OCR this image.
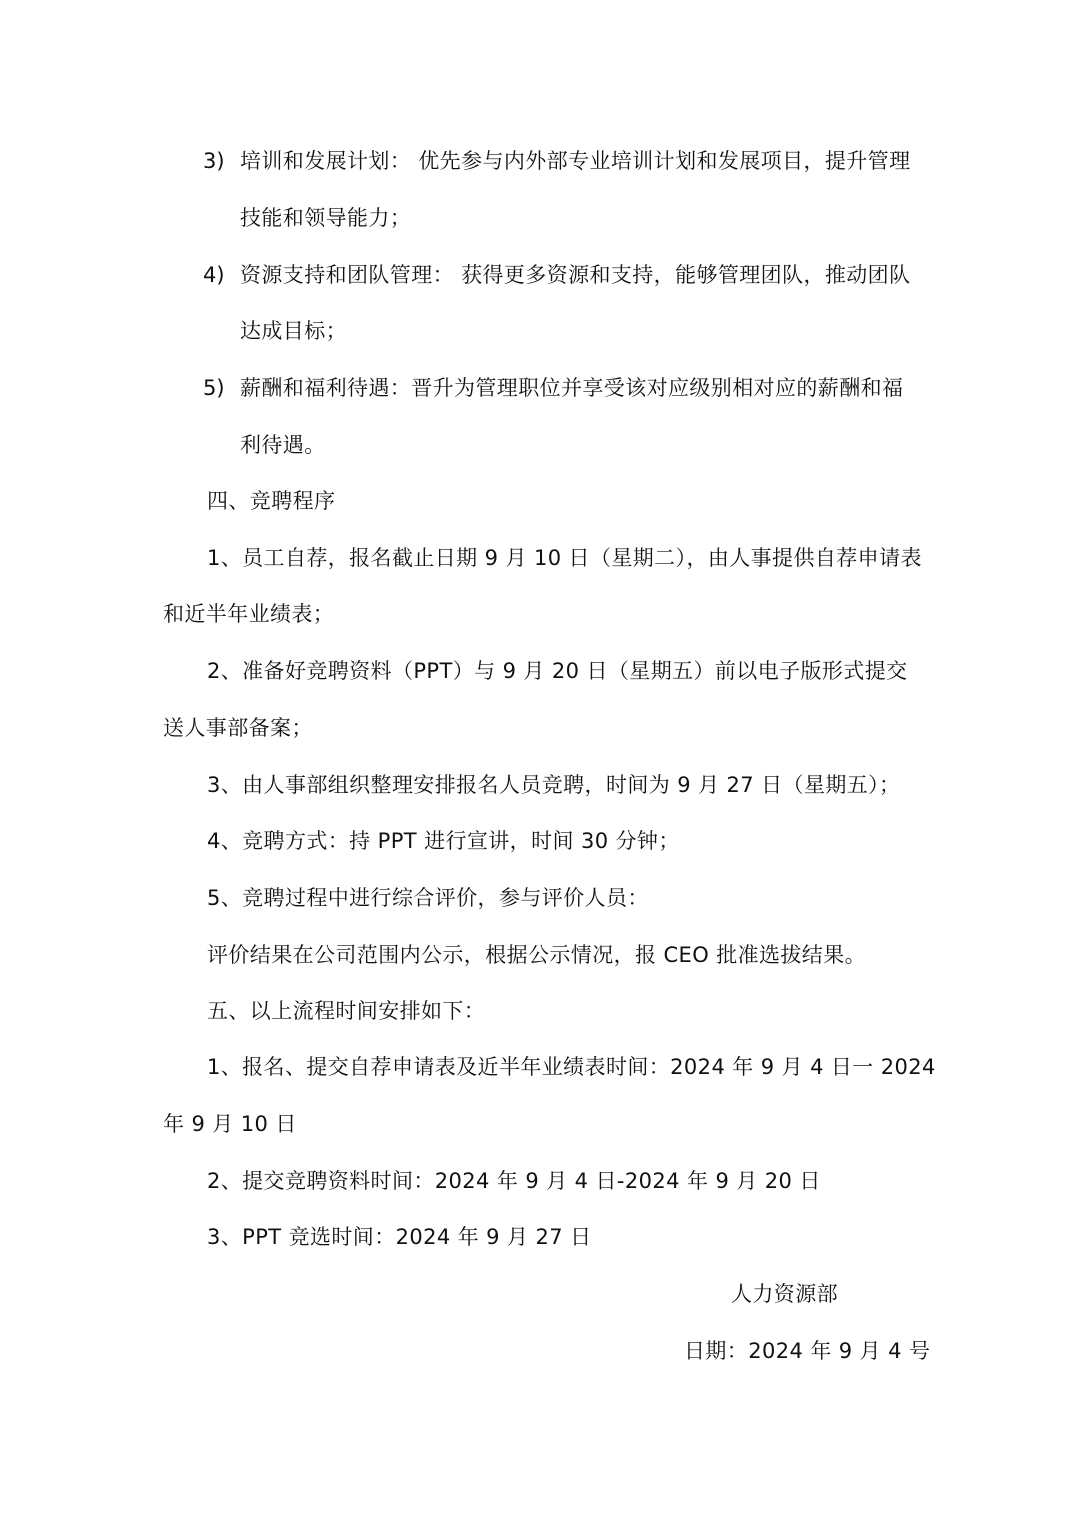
3) 培训和发展计划： 优先参与内外部专业培训计划和发展项目，提升管理
技能和领导能力；
4) 资源支持和团队管理： 获得更多资源和支持，能够管理团队，推动团队
达成目标；
5) 薪酬和福利待遇：晋升为管理职位并享受该对应级别相对应的薪酬和福
利待遇。
四、竞聘程序
1、员工自荐，报名截止日期 9 月 10 日（星期二），由人事提供自荐申请表
和近半年业绩表；
2、准备好竞聘资料（PPT）与 9 月 20 日（星期五）前以电子版形式提交
送人事部备案；
3、由人事部组织整理安排报名人员竞聘，时间为 9 月 27 日（星期五）；
4、竞聘方式：持 PPT 进行宣讲，时间 30 分钟；
5、竞聘过程中进行综合评价，参与评价人员：
评价结果在公司范围内公示，根据公示情况，报 CEO 批准选拔结果。
五、以上流程时间安排如下：
1、报名、提交自荐申请表及近半年业绩表时间：2024 年 9 月 4 日一 2024
年 9 月 10 日
2、提交竞聘资料时间：2024 年 9 月 4 日-2024 年 9 月 20 日
3、PPT 竞选时间：2024 年 9 月 27 日
人力资源部
日期：2024 年 9 月 4 号
